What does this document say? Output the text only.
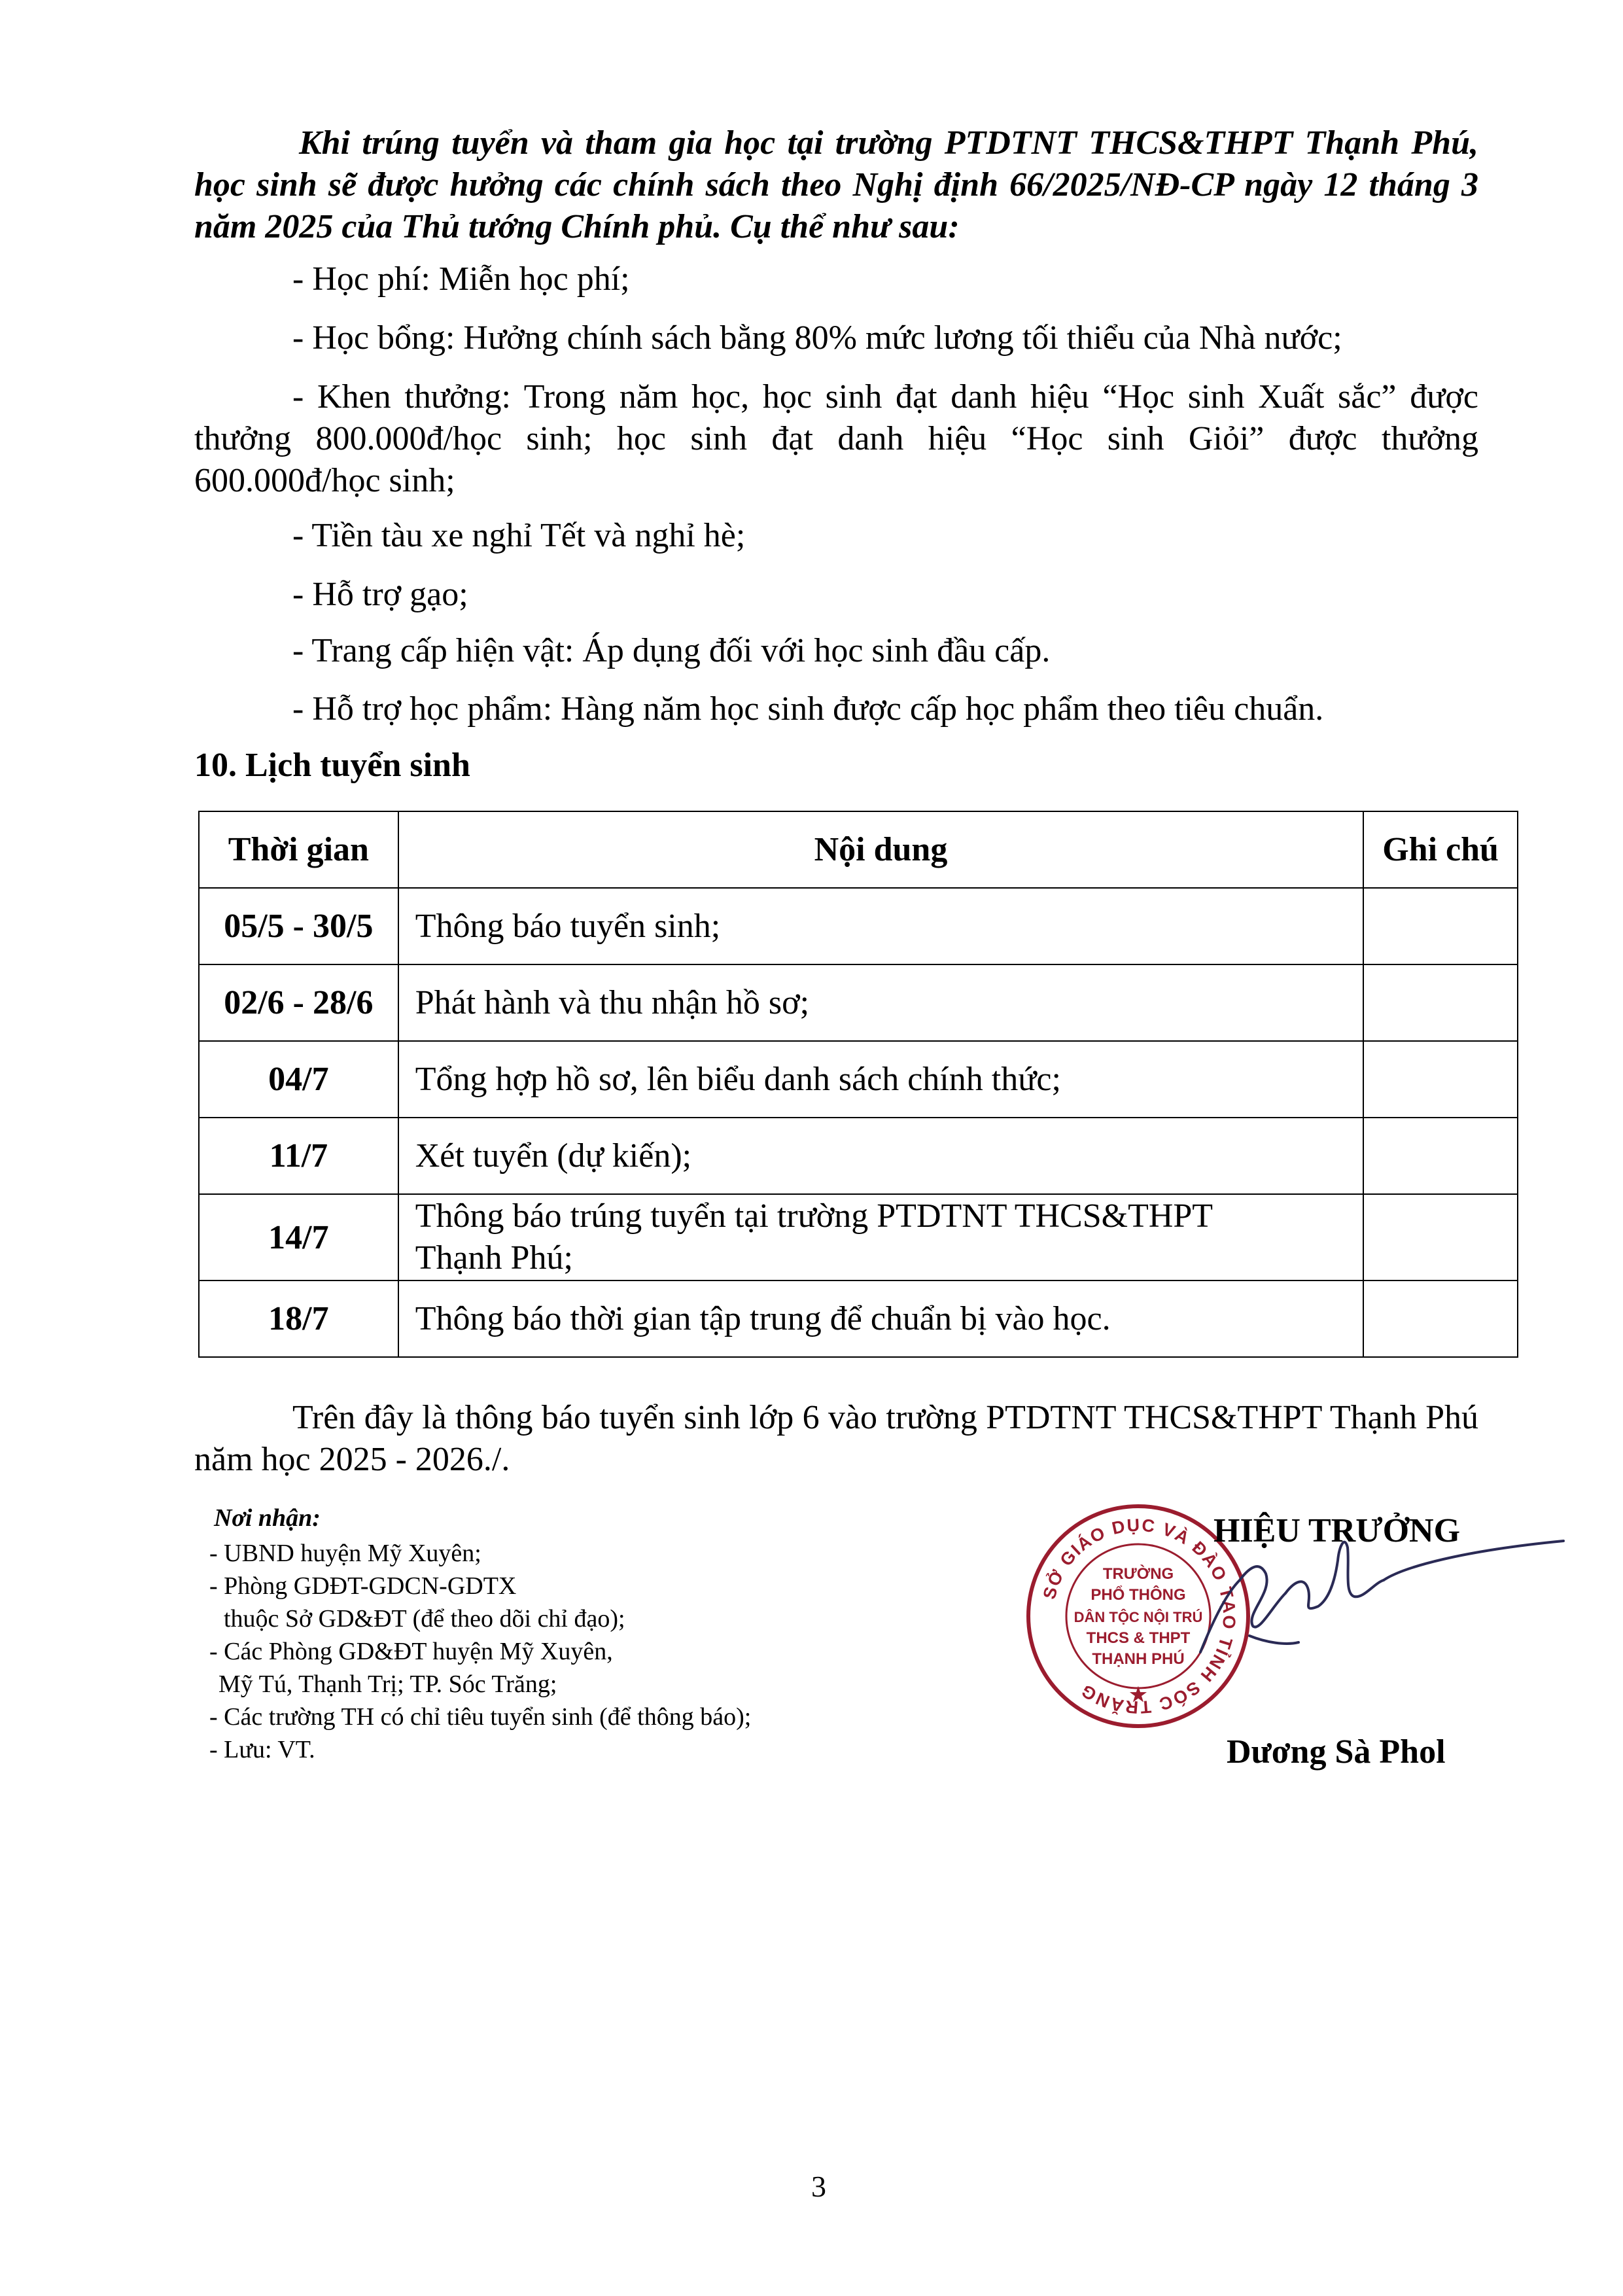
Khi trúng tuyển và tham gia học tại trường PTDTNT THCS&THPT Thạnh Phú, học sinh sẽ được hưởng các chính sách theo Nghị định 66/2025/NĐ-CP ngày 12 tháng 3 năm 2025 của Thủ tướng Chính phủ. Cụ thể như sau:

- Học phí: Miễn học phí;

- Học bổng: Hưởng chính sách bằng 80% mức lương tối thiểu của Nhà nước;

- Khen thưởng: Trong năm học, học sinh đạt danh hiệu “Học sinh Xuất sắc” được thưởng 800.000đ/học sinh; học sinh đạt danh hiệu “Học sinh Giỏi” được thưởng 600.000đ/học sinh;

- Tiền tàu xe nghỉ Tết và nghỉ hè;

- Hỗ trợ gạo;

- Trang cấp hiện vật: Áp dụng đối với học sinh đầu cấp.

- Hỗ trợ học phẩm: Hàng năm học sinh được cấp học phẩm theo tiêu chuẩn.

10. Lịch tuyển sinh

Thời gian	Nội dung	Ghi chú
05/5 - 30/5	Thông báo tuyển sinh;	
02/6 - 28/6	Phát hành và thu nhận hồ sơ;	
04/7	Tổng hợp hồ sơ, lên biểu danh sách chính thức;	
11/7	Xét tuyển (dự kiến);	
14/7	Thông báo trúng tuyển tại trường PTDTNT THCS&THPT Thạnh Phú;	
18/7	Thông báo thời gian tập trung để chuẩn bị vào học.	

Trên đây là thông báo tuyển sinh lớp 6 vào trường PTDTNT THCS&THPT Thạnh Phú năm học 2025 - 2026./.

Nơi nhận:

- UBND huyện Mỹ Xuyên;
- Phòng GDĐT-GDCN-GDTX
thuộc Sở GD&ĐT (để theo dõi chỉ đạo);
- Các Phòng GD&ĐT huyện Mỹ Xuyên,
Mỹ Tú, Thạnh Trị; TP. Sóc Trăng;
- Các trường TH có chỉ tiêu tuyển sinh (để thông báo);
- Lưu: VT.
SỞ GIÁO DỤC VÀ ĐÀO TẠO TỈNH SÓC TRĂNG
TRƯỜNG
PHỔ THÔNG
DÂN TỘC NỘI TRÚ
THCS & THPT
THẠNH PHÚ
★

HIỆU TRƯỞNG

Dương Sà Phol

3
